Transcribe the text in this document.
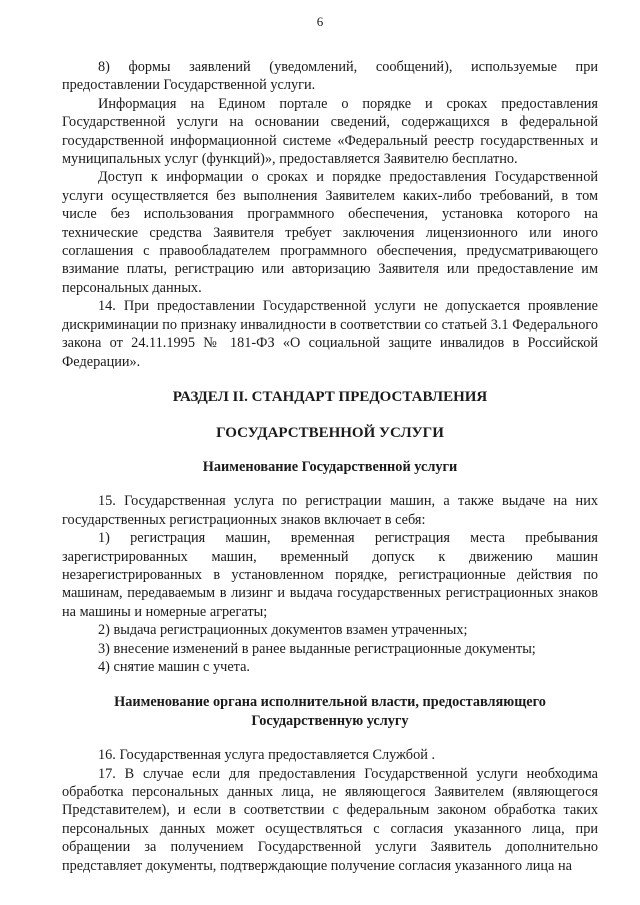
6

8) формы заявлений (уведомлений, сообщений), используемые при предоставлении Государственной услуги.

Информация на Едином портале о порядке и сроках предоставления Государственной услуги на основании сведений, содержащихся в федеральной государственной информационной системе «Федеральный реестр государственных и муниципальных услуг (функций)», предоставляется Заявителю бесплатно.

Доступ к информации о сроках и порядке предоставления Государственной услуги осуществляется без выполнения Заявителем каких-либо требований, в том числе без использования программного обеспечения, установка которого на технические средства Заявителя требует заключения лицензионного или иного соглашения с правообладателем программного обеспечения, предусматривающего взимание платы, регистрацию или авторизацию Заявителя или предоставление им персональных данных.

14. При предоставлении Государственной услуги не допускается проявление дискриминации по признаку инвалидности в соответствии со статьей 3.1 Федерального закона от 24.11.1995 № 181-ФЗ «О социальной защите инвалидов в Российской Федерации».

РАЗДЕЛ II. СТАНДАРТ ПРЕДОСТАВЛЕНИЯ

ГОСУДАРСТВЕННОЙ УСЛУГИ

Наименование Государственной услуги

15. Государственная услуга по регистрации машин, а также выдаче на них государственных регистрационных знаков включает в себя:

1) регистрация машин, временная регистрация места пребывания зарегистрированных машин, временный допуск к движению машин незарегистрированных в установленном порядке, регистрационные действия по машинам, передаваемым в лизинг и выдача государственных регистрационных знаков на машины и номерные агрегаты;

2) выдача регистрационных документов взамен утраченных;

3) внесение изменений в ранее выданные регистрационные документы;

4) снятие машин с учета.

Наименование органа исполнительной власти, предоставляющего

Государственную услугу

16. Государственная услуга предоставляется Службой .

17. В случае если для предоставления Государственной услуги необходима обработка персональных данных лица, не являющегося Заявителем (являющегося Представителем), и если в соответствии с федеральным законом обработка таких персональных данных может осуществляться с согласия указанного лица, при обращении за получением Государственной услуги Заявитель дополнительно представляет документы, подтверждающие получение согласия указанного лица на
